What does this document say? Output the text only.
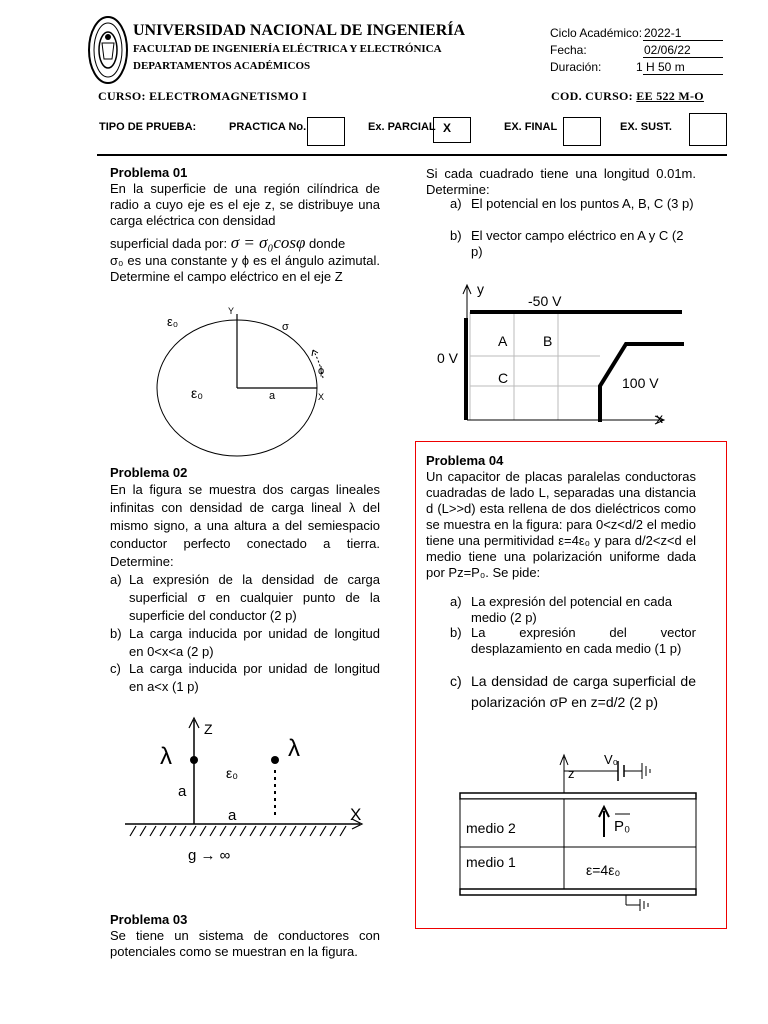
UNIVERSIDAD NACIONAL DE INGENIERÍA
FACULTAD DE INGENIERÍA ELÉCTRICA Y ELECTRÓNICA
DEPARTAMENTOS ACADÉMICOS
Ciclo Académico: 2022-1
Fecha:	02/06/22
Duración:	1 H 50 m
CURSO: ELECTROMAGNETISMO I	COD. CURSO: EE 522 M-O
TIPO DE PRUEBA:	PRACTICA No.	Ex. PARCIAL X	EX. FINAL	EX. SUST.
Problema 01
En la superficie de una región cilíndrica de radio a cuyo eje es el eje z, se distribuye una carga eléctrica con densidad
superficial dada por: σ = σ₀cosφ donde
σ₀ es una constante y ϕ es el ángulo azimutal. Determine el campo eléctrico en el eje Z
ε₀	σ
Y
ε₀	a	X
ϕ
Problema 02
En la figura se muestra dos cargas lineales infinitas con densidad de carga lineal λ del mismo signo, a una altura a del semiespacio conductor perfecto conectado a tierra. Determine:
a) La expresión de la densidad de carga superficial σ en cualquier punto de la superficie del conductor (2 p)
b) La carga inducida por unidad de longitud en 0<x<a (2 p)
c) La carga inducida por unidad de longitud en a<x (1 p)
Z
λ	λ
a
ε₀
a	X
g → ∞
Problema 03
Se tiene un sistema de conductores con potenciales como se muestran en la figura.
Si cada cuadrado tiene una longitud 0.01m. Determine:
a) El potencial en los puntos A, B, C (3 p)
b) El vector campo eléctrico en A y C (2 p)
y
-50 V
0 V
A	B
C	100 V
x
Problema 04
Un capacitor de placas paralelas conductoras cuadradas de lado L, separadas una distancia d (L>>d) esta rellena de dos dieléctricos como se muestra en la figura: para 0<z<d/2 el medio tiene una permitividad ε=4ε₀ y para d/2<z<d el medio tiene una polarización uniforme dada por Pz=P₀. Se pide:
a) La expresión del potencial en cada medio (2 p)
b) La expresión del vector desplazamiento en cada medio (1 p)
c) La densidad de carga superficial de polarización σP en z=d/2 (2 p)
V₀
z
medio 2	P₀
medio 1	ε=4ε₀
